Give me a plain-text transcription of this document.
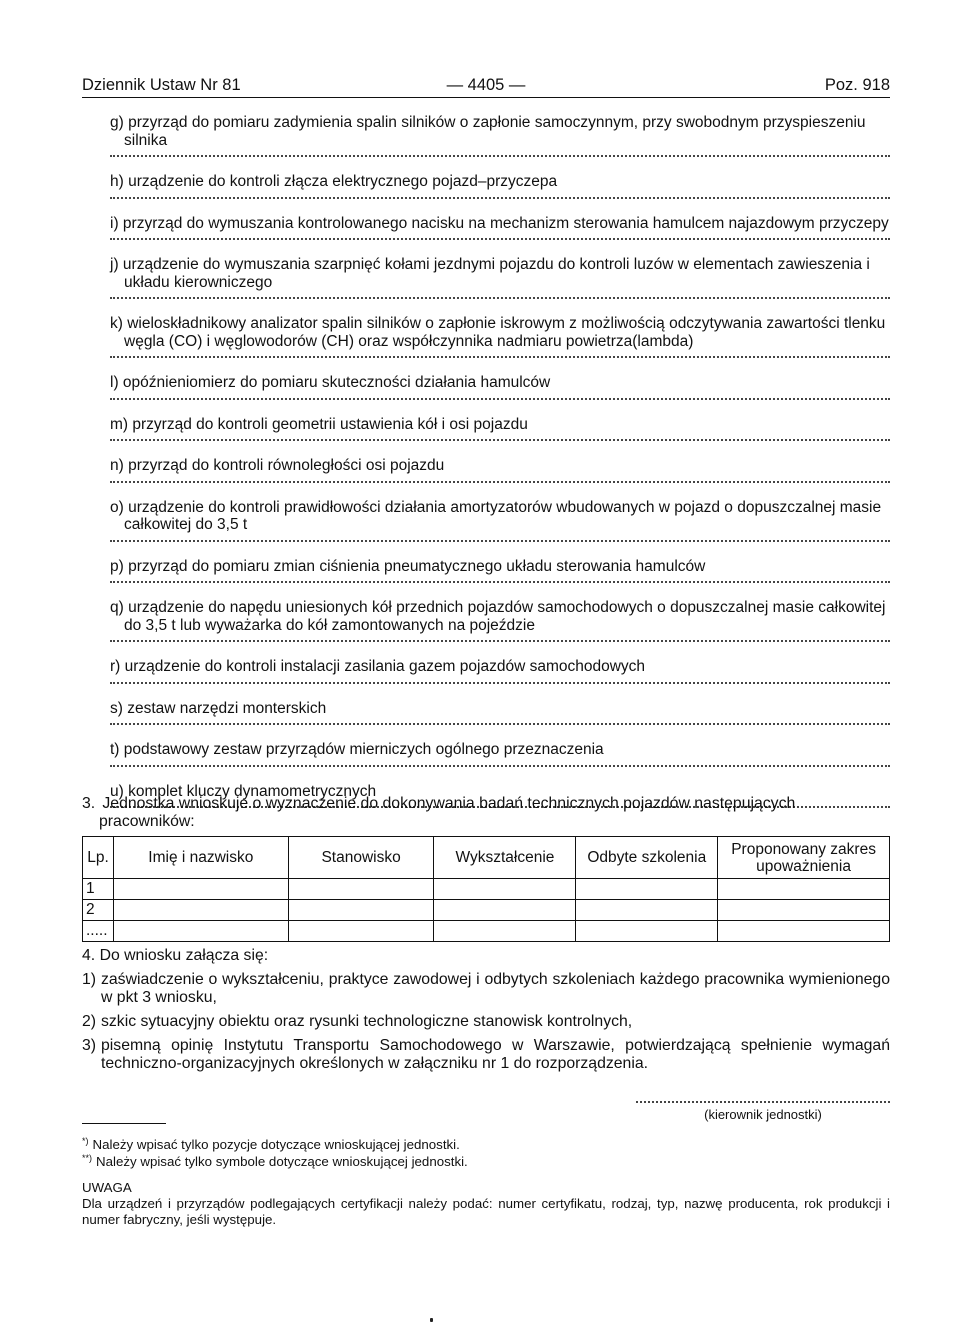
Dziennik Ustaw Nr 81	— 4405 —	Poz. 918
g) przyrząd do pomiaru zadymienia spalin silników o zapłonie samoczynnym, przy swobodnym przyspieszeniu silnika
h) urządzenie do kontroli złącza elektrycznego pojazd–przyczepa
i) przyrząd do wymuszania kontrolowanego nacisku na mechanizm sterowania hamulcem najazdowym przyczepy
j) urządzenie do wymuszania szarpnięć kołami jezdnymi pojazdu do kontroli luzów w elementach zawieszenia i układu kierowniczego
k) wieloskładnikowy analizator spalin silników o zapłonie iskrowym z możliwością odczytywania zawartości tlenku węgla (CO) i węglowodorów (CH) oraz współczynnika nadmiaru powietrza(lambda)
l) opóźnieniomierz do pomiaru skuteczności działania hamulców
m) przyrząd do kontroli geometrii ustawienia kół i osi pojazdu
n) przyrząd do kontroli równoległości osi pojazdu
o) urządzenie do kontroli prawidłowości działania amortyzatorów wbudowanych w pojazd o dopuszczalnej masie całkowitej do 3,5 t
p) przyrząd do pomiaru zmian ciśnienia pneumatycznego układu sterowania hamulców
q) urządzenie do napędu uniesionych kół przednich pojazdów samochodowych o dopuszczalnej masie całkowitej do 3,5 t lub wyważarka do kół zamontowanych na pojeździe
r) urządzenie do kontroli instalacji zasilania gazem pojazdów samochodowych
s) zestaw narzędzi monterskich
t) podstawowy zestaw przyrządów mierniczych ogólnego przeznaczenia
u) komplet kluczy dynamometrycznych
3. Jednostka wnioskuje o wyznaczenie do dokonywania badań technicznych pojazdów następujących
pracowników:
Lp.	Imię i nazwisko	Stanowisko	Wykształcenie	Odbyte szkolenia	Proponowany zakres upoważnienia
1					
2					
.....					
4. Do wniosku załącza się:
1) zaświadczenie o wykształceniu, praktyce zawodowej i odbytych szkoleniach każdego pracownika wymienionego w pkt 3 wniosku,
2) szkic sytuacyjny obiektu oraz rysunki technologiczne stanowisk kontrolnych,
3) pisemną opinię Instytutu Transportu Samochodowego w Warszawie, potwierdzającą spełnienie wymagań techniczno-organizacyjnych określonych w załączniku nr 1 do rozporządzenia.
(kierownik jednostki)
*) Należy wpisać tylko pozycje dotyczące wnioskującej jednostki.
**) Należy wpisać tylko symbole dotyczące wnioskującej jednostki.
UWAGA
Dla urządzeń i przyrządów podlegających certyfikacji należy podać: numer certyfikatu, rodzaj, typ, nazwę producenta, rok produkcji i numer fabryczny, jeśli występuje.
